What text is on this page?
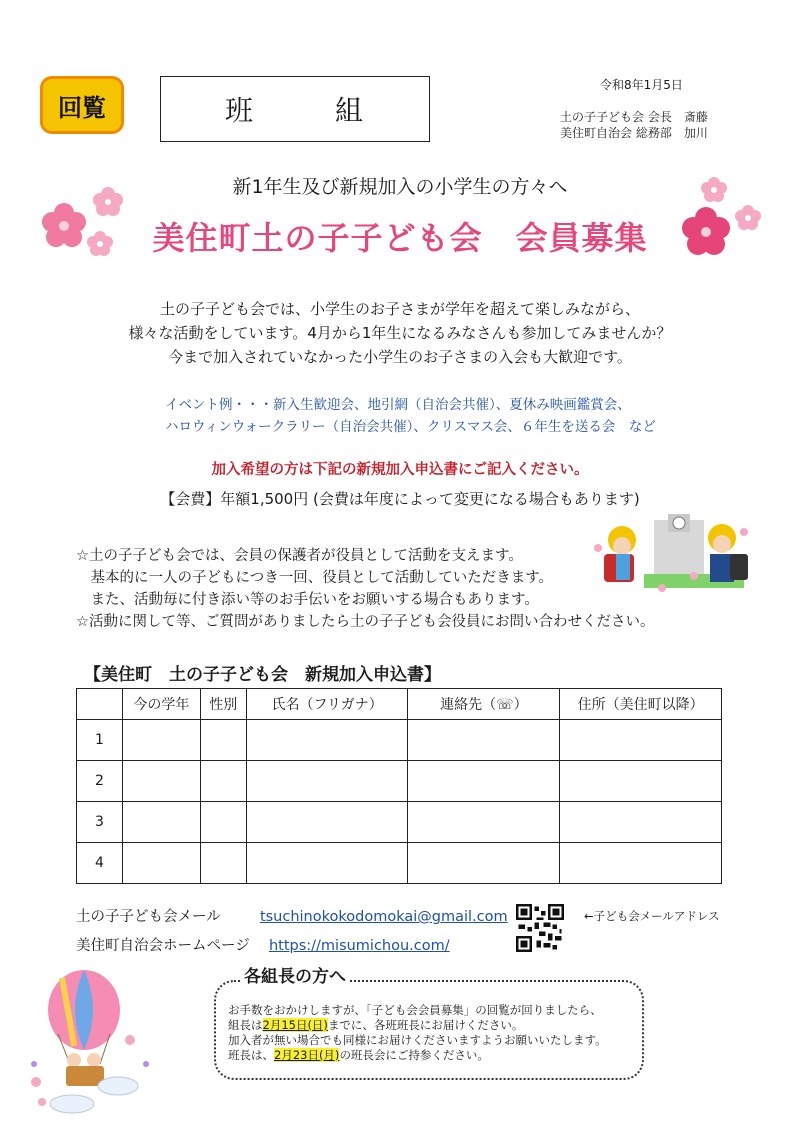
回覧	班	組
令和8年1月5日
土の子子ども会 会長　斎藤
美住町自治会 総務部　加川
新1年生及び新規加入の小学生の方々へ
美住町土の子子ども会　会員募集
土の子子ども会では、小学生のお子さまが学年を超えて楽しみながら、
様々な活動をしています。4月から1年生になるみなさんも参加してみませんか？
今まで加入されていなかった小学生のお子さまの入会も大歓迎です。
イベント例・・・新入生歓迎会、地引網（自治会共催）、夏休み映画鑑賞会、
ハロウィンウォークラリー（自治会共催）、クリスマス会、６年生を送る会　など
加入希望の方は下記の新規加入申込書にご記入ください。
【会費】年額1,500円 (会費は年度によって変更になる場合もあります)
☆土の子子ども会では、会員の保護者が役員として活動を支えます。
　基本的に一人の子どもにつき一回、役員として活動していただきます。
　また、活動毎に付き添い等のお手伝いをお願いする場合もあります。
☆活動に関して等、ご質問がありましたら土の子子ども会役員にお問い合わせください。
【美住町　土の子子ども会　新規加入申込書】
	今の学年	性別	氏名（フリガナ）	連絡先（☏）	住所（美住町以降）
1					
2					
3					
4					
土の子子ども会メール	tsuchinokokodomokai@gmail.com
美住町自治会ホームページ https://misumichou.com/
←子ども会メールアドレス
各組長の方へ
お手数をおかけしますが、「子ども会会員募集」の回覧が回りましたら、
組長は2月15日(日)までに、各班班長にお届けください。
加入者が無い場合でも同様にお届けくださいますようお願いいたします。
班長は、2月23日(月)の班長会にご持参ください。
